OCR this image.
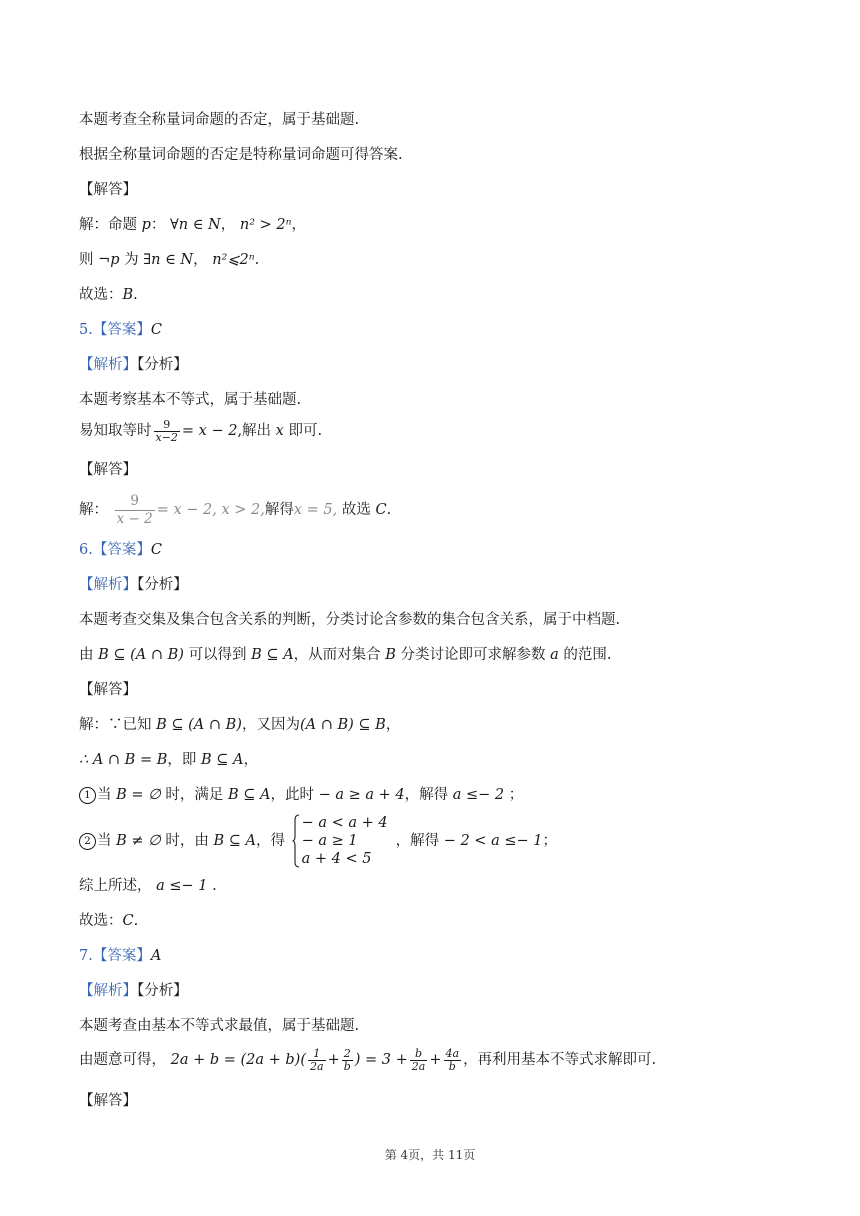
本题考查全称量词命题的否定，属于基础题.
根据全称量词命题的否定是特称量词命题可得答案.
【解答】
解：命题 p： ∀n ∈ N， n² > 2ⁿ，
则 ¬p 为 ∃n ∈ N， n²⩽2ⁿ.
故选：B.
5.【答案】C
【解析】【分析】
本题考察基本不等式，属于基础题.
易知取等时 $\frac{9}{x-2} = x - 2$,解出 x 即可.
【解答】
解： $\frac{9}{x - 2} = x - 2$, x > 2,解得x = 5, 故选 C.
6.【答案】C
【解析】【分析】
本题考查交集及集合包含关系的判断，分类讨论含参数的集合包含关系，属于中档题.
由 B ⊆ (A ∩ B) 可以得到 B ⊆ A，从而对集合 B 分类讨论即可求解参数 a 的范围.
【解答】
解：∵已知 B ⊆ (A ∩ B)，又因为(A ∩ B) ⊆ B，
∴ A ∩ B = B，即 B ⊆ A，
1 当 B = ∅ 时，满足 B ⊆ A，此时 − a ≥ a + 4，解得 a ≤− 2 ；
2 当 B ≠ ∅ 时，由 B ⊆ A，得
− a < a + 4
− a ≥ 1
a + 4 < 5
，解得 − 2 < a ≤− 1；
综上所述， a ≤− 1 .
故选：C.
7.【答案】A
【解析】【分析】
本题考查由基本不等式求最值，属于基础题.
由题意可得， $2a + b = (2a + b)( \frac{1}{2a} + \frac{2}{b}$ ) = $3 + \frac{b}{2a} + \frac{4a}{b}$ ，再利用基本不等式求解即可.
【解答】
第 4页，共 11页
